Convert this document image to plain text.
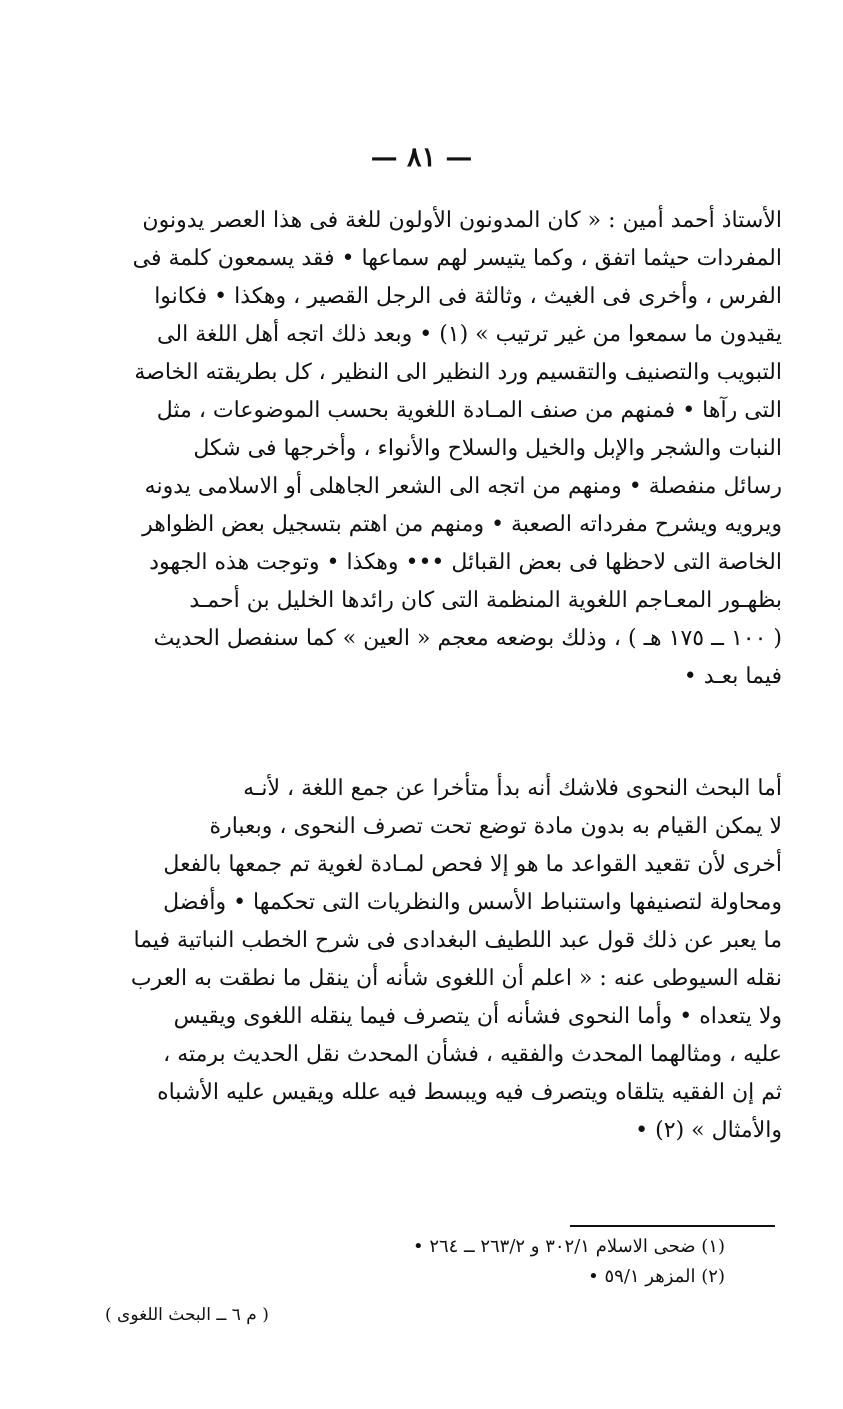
— ٨١ —
الأستاذ أحمد أمين : « كان المدونون الأولون للغة فى هذا العصر يدونون
المفردات حيثما اتفق ، وكما يتيسر لهم سماعها • فقد يسمعون كلمة فى
الفرس ، وأخرى فى الغيث ، وثالثة فى الرجل القصير ، وهكذا • فكانوا
يقيدون ما سمعوا من غير ترتيب » (١) • وبعد ذلك اتجه أهل اللغة الى
التبويب والتصنيف والتقسيم ورد النظير الى النظير ، كل بطريقته الخاصة
التى رآها • فمنهم من صنف المـادة اللغوية بحسب الموضوعات ، مثل
النبات والشجر والإبل والخيل والسلاح والأنواء ، وأخرجها فى شكل
رسائل منفصلة • ومنهم من اتجه الى الشعر الجاهلى أو الاسلامى يدونه
ويرويه ويشرح مفرداته الصعبة • ومنهم من اهتم بتسجيل بعض الظواهر
الخاصة التى لاحظها فى بعض القبائل ••• وهكذا • وتوجت هذه الجهود
بظهـور المعـاجم اللغوية المنظمة التى كان رائدها الخليل بن أحمـد
( ١٠٠ ــ ١٧٥ هـ ) ، وذلك بوضعه معجم « العين » كما سنفصل الحديث
فيما بعـد •
أما البحث النحوى فلاشك أنه بدأ متأخرا عن جمع اللغة ، لأنـه
لا يمكن القيام به بدون مادة توضع تحت تصرف النحوى ، وبعبارة
أخرى لأن تقعيد القواعد ما هو إلا فحص لمـادة لغوية تم جمعها بالفعل
ومحاولة لتصنيفها واستنباط الأسس والنظريات التى تحكمها • وأفضل
ما يعبر عن ذلك قول عبد اللطيف البغدادى فى شرح الخطب النباتية فيما
نقله السيوطى عنه : « اعلم أن اللغوى شأنه أن ينقل ما نطقت به العرب
ولا يتعداه • وأما النحوى فشأنه أن يتصرف فيما ينقله اللغوى ويقيس
عليه ، ومثالهما المحدث والفقيه ، فشأن المحدث نقل الحديث برمته ،
ثم إن الفقيه يتلقاه ويتصرف فيه ويبسط فيه علله ويقيس عليه الأشباه
والأمثال » (٢) •
(١) ضحى الاسلام ٣٠٢/١ و ٢٦٣/٢ ــ ٢٦٤ •
(٢) المزهر ٥٩/١ •
( م ٦ ــ البحث اللغوى )
